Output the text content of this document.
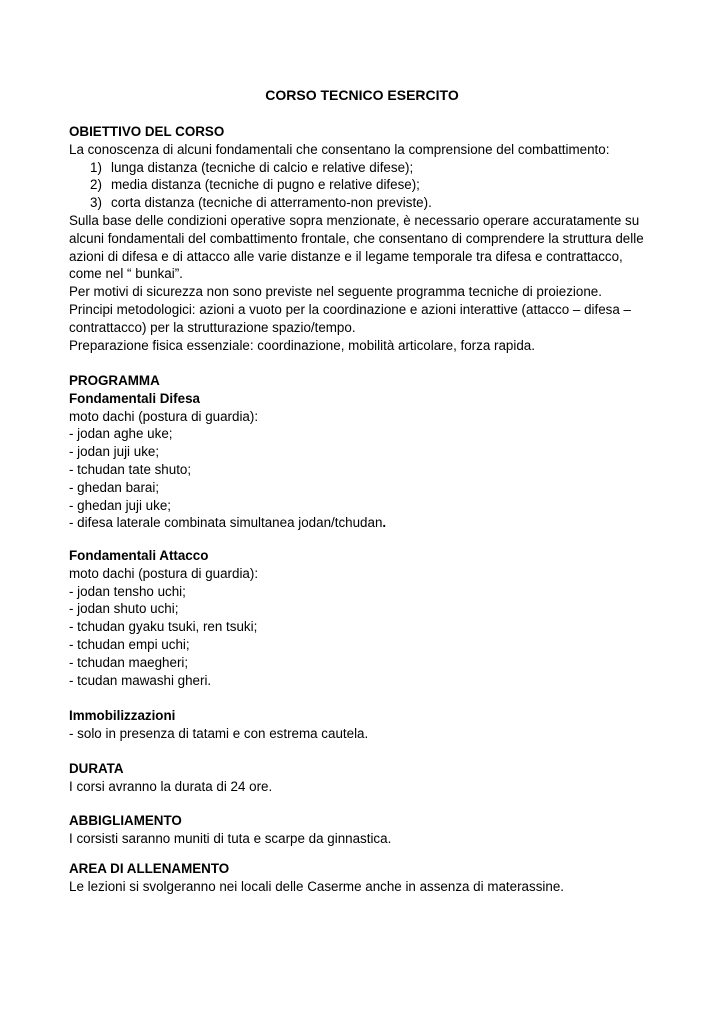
CORSO TECNICO ESERCITO

OBIETTIVO DEL CORSO

La conoscenza di alcuni fondamentali che consentano la comprensione del combattimento:

1) lunga distanza (tecniche di calcio e relative difese);
2) media distanza (tecniche di pugno e relative difese);
3) corta distanza (tecniche di atterramento-non previste).

Sulla base delle condizioni operative sopra menzionate, è necessario operare accuratamente su alcuni fondamentali del combattimento frontale, che consentano di comprendere la struttura delle azioni di difesa e di attacco alle varie distanze e il legame temporale tra difesa e contrattacco, come nel “ bunkai”.

Per motivi di sicurezza non sono previste nel seguente programma tecniche di proiezione.

Principi metodologici: azioni a vuoto per la coordinazione e azioni interattive (attacco – difesa – contrattacco) per la strutturazione spazio/tempo.

Preparazione fisica essenziale: coordinazione, mobilità articolare, forza rapida.

PROGRAMMA

Fondamentali Difesa

moto dachi (postura di guardia):

- jodan aghe uke;

- jodan juji uke;

- tchudan tate shuto;

- ghedan barai;

- ghedan juji uke;

- difesa laterale combinata simultanea jodan/tchudan.

Fondamentali Attacco

moto dachi (postura di guardia):

- jodan tensho uchi;

- jodan shuto uchi;

- tchudan gyaku tsuki, ren tsuki;

- tchudan empi uchi;

- tchudan maegheri;

- tcudan mawashi gheri.

Immobilizzazioni

- solo in presenza di tatami e con estrema cautela.

DURATA

I corsi avranno la durata di 24 ore.

ABBIGLIAMENTO

I corsisti saranno muniti di tuta e scarpe da ginnastica.

AREA DI ALLENAMENTO

Le lezioni si svolgeranno nei locali delle Caserme anche in assenza di materassine.
